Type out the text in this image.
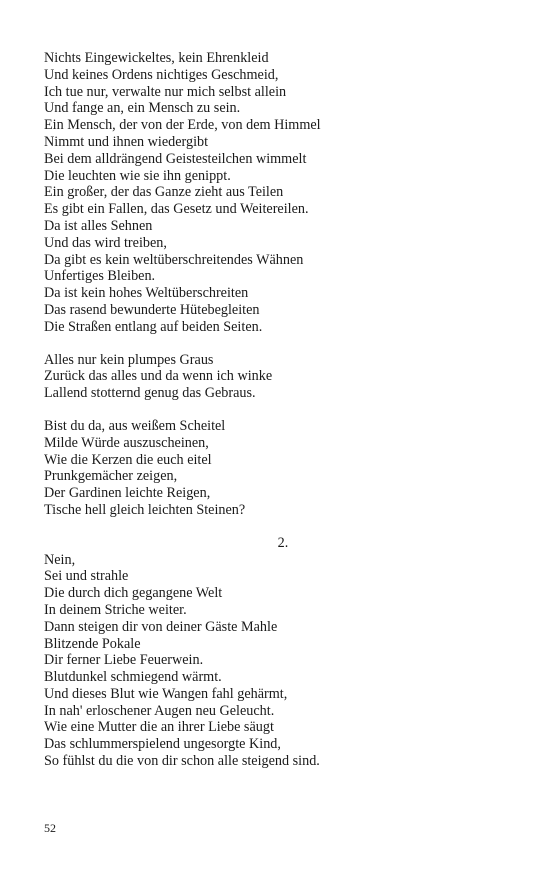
Nichts Eingewickeltes, kein Ehrenkleid
Und keines Ordens nichtiges Geschmeid,
Ich tue nur, verwalte nur mich selbst allein
Und fange an, ein Mensch zu sein.
Ein Mensch, der von der Erde, von dem Himmel
Nimmt und ihnen wiedergibt
Bei dem alldrängend Geistesteilchen wimmelt
Die leuchten wie sie ihn genippt.
Ein großer, der das Ganze zieht aus Teilen
Es gibt ein Fallen, das Gesetz und Weitereilen.
Da ist alles Sehnen
Und das wird treiben,
Da gibt es kein weltüberschreitendes Wähnen
Unfertiges Bleiben.
Da ist kein hohes Weltüberschreiten
Das rasend bewunderte Hütebegleiten
Die Straßen entlang auf beiden Seiten.
Alles nur kein plumpes Graus
Zurück das alles und da wenn ich winke
Lallend stotternd genug das Gebraus.
Bist du da, aus weißem Scheitel
Milde Würde auszuscheinen,
Wie die Kerzen die euch eitel
Prunkgemächer zeigen,
Der Gardinen leichte Reigen,
Tische hell gleich leichten Steinen?
2.
Nein,
Sei und strahle
Die durch dich gegangene Welt
In deinem Striche weiter.
Dann steigen dir von deiner Gäste Mahle
Blitzende Pokale
Dir ferner Liebe Feuerwein.
Blutdunkel schmiegend wärmt.
Und dieses Blut wie Wangen fahl gehärmt,
In nah' erloschener Augen neu Geleucht.
Wie eine Mutter die an ihrer Liebe säugt
Das schlummerspielend ungesorgte Kind,
So fühlst du die von dir schon alle steigend sind.
52
